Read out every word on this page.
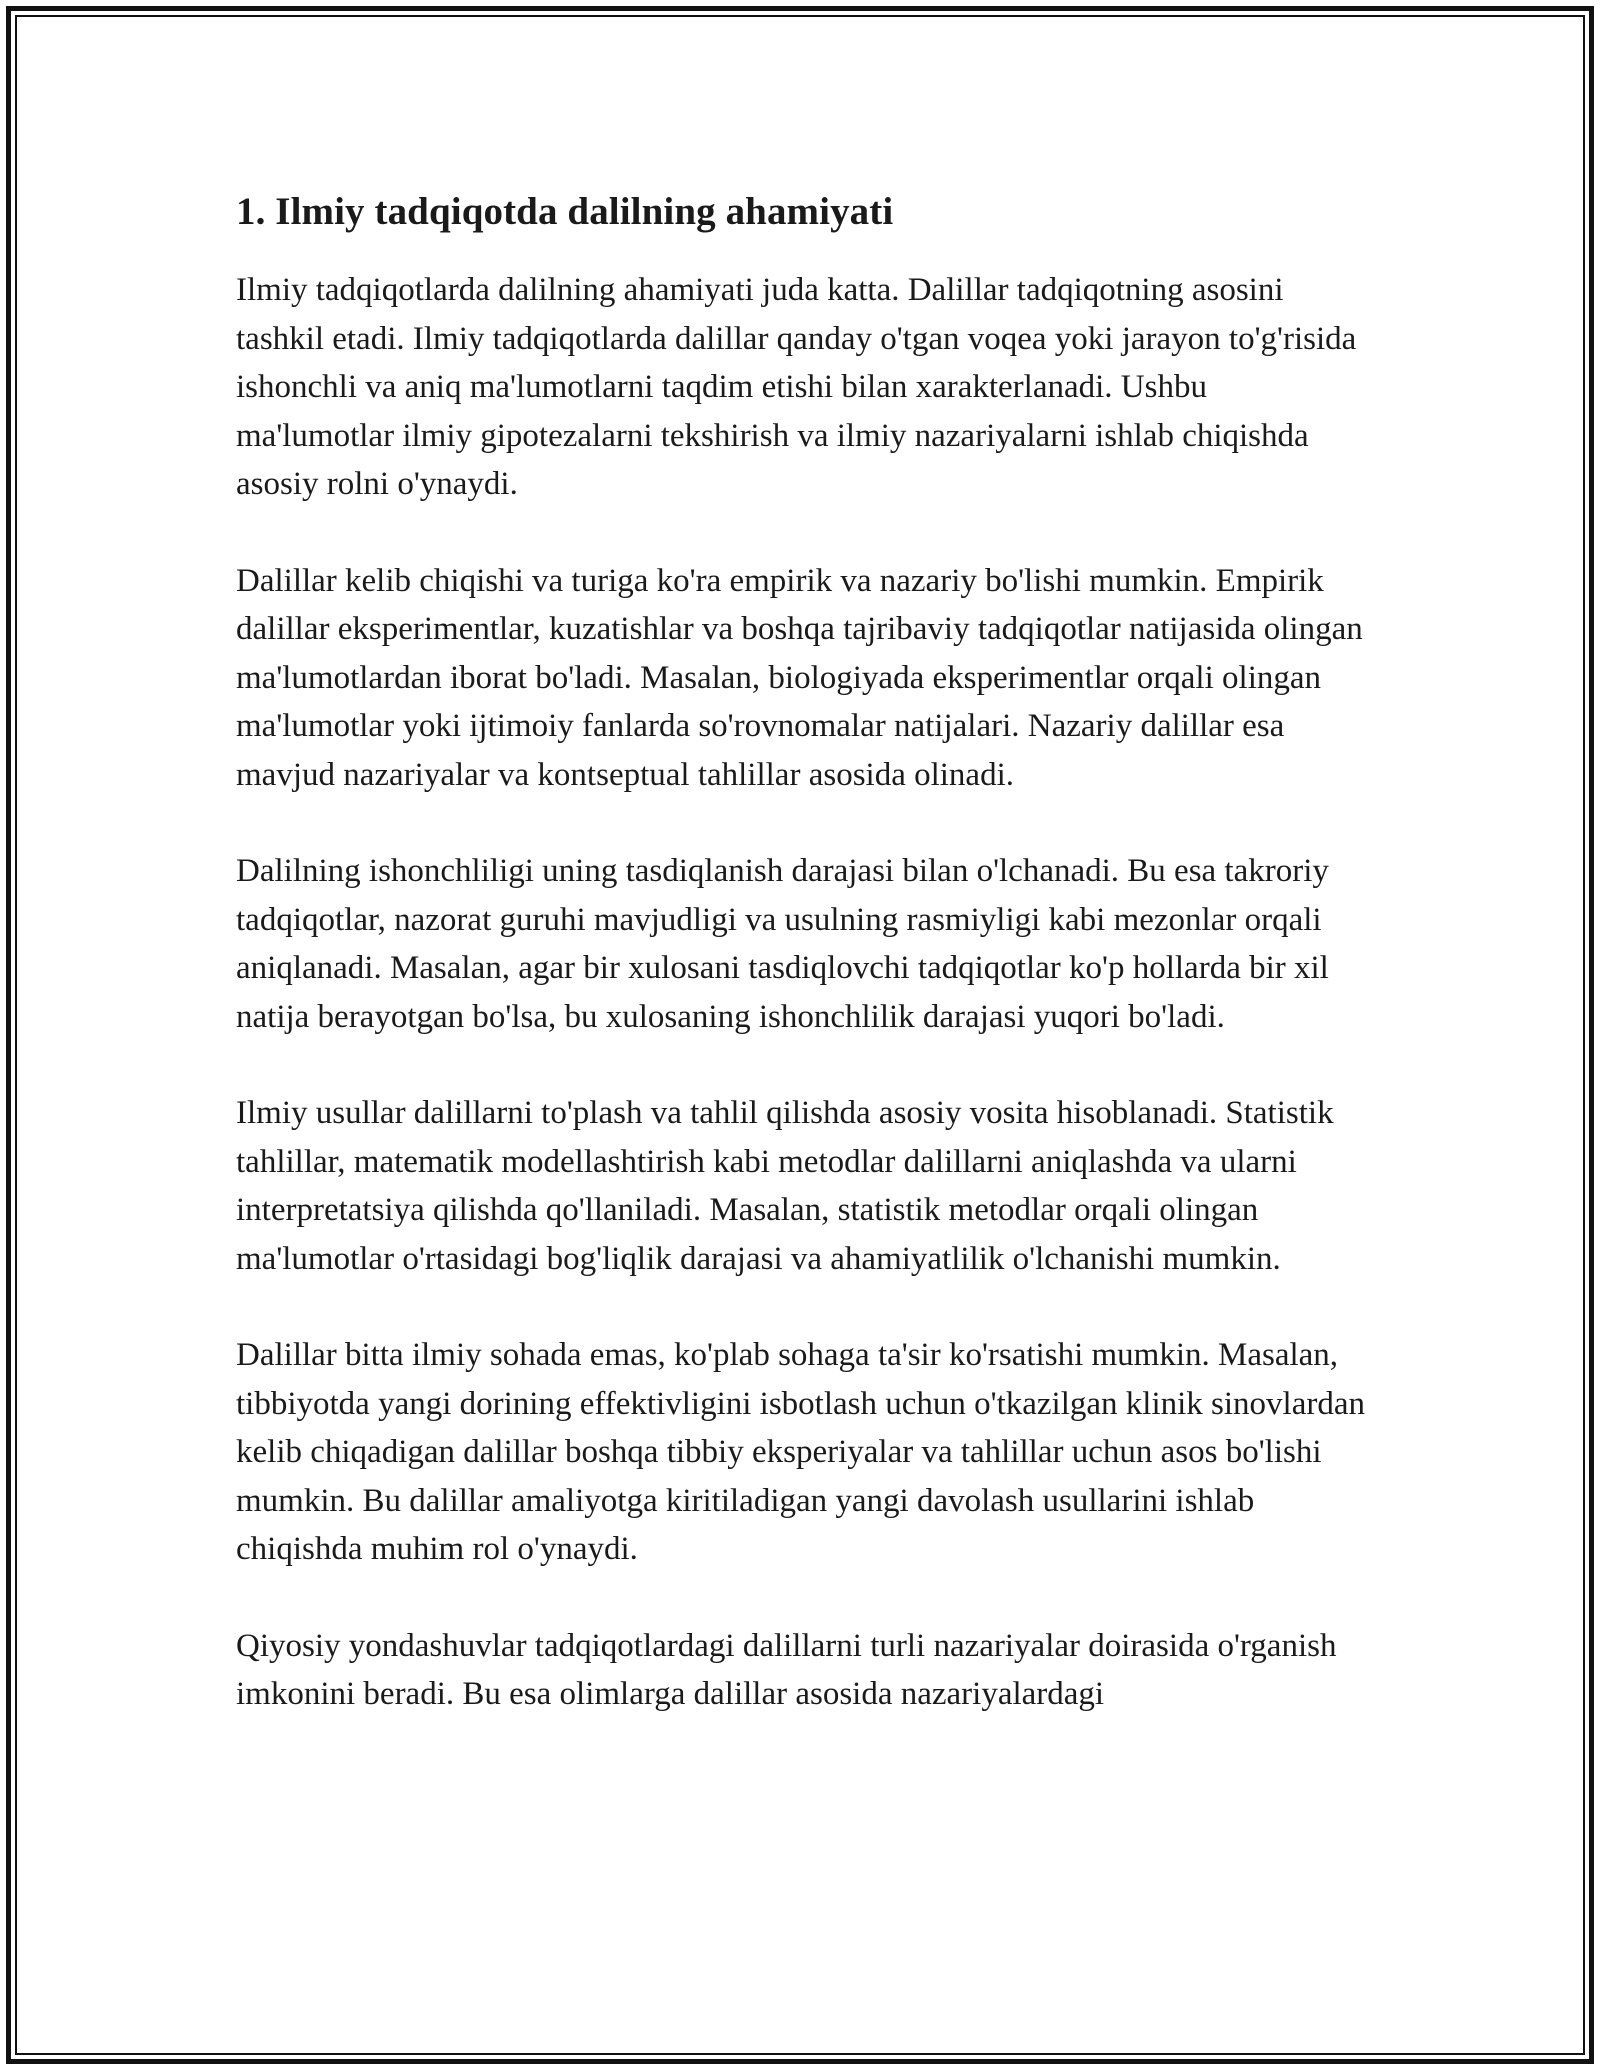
1. Ilmiy tadqiqotda dalilning ahamiyati

Ilmiy tadqiqotlarda dalilning ahamiyati juda katta. Dalillar tadqiqotning asosini tashkil etadi. Ilmiy tadqiqotlarda dalillar qanday o'tgan voqea yoki jarayon to'g'risida ishonchli va aniq ma'lumotlarni taqdim etishi bilan xarakterlanadi. Ushbu ma'lumotlar ilmiy gipotezalarni tekshirish va ilmiy nazariyalarni ishlab chiqishda asosiy rolni o'ynaydi.

Dalillar kelib chiqishi va turiga ko'ra empirik va nazariy bo'lishi mumkin. Empirik dalillar eksperimentlar, kuzatishlar va boshqa tajribaviy tadqiqotlar natijasida olingan ma'lumotlardan iborat bo'ladi. Masalan, biologiyada eksperimentlar orqali olingan ma'lumotlar yoki ijtimoiy fanlarda so'rovnomalar natijalari. Nazariy dalillar esa mavjud nazariyalar va kontseptual tahlillar asosida olinadi.

Dalilning ishonchliligi uning tasdiqlanish darajasi bilan o'lchanadi. Bu esa takroriy tadqiqotlar, nazorat guruhi mavjudligi va usulning rasmiyligi kabi mezonlar orqali aniqlanadi. Masalan, agar bir xulosani tasdiqlovchi tadqiqotlar ko'p hollarda bir xil natija berayotgan bo'lsa, bu xulosaning ishonchlilik darajasi yuqori bo'ladi.

Ilmiy usullar dalillarni to'plash va tahlil qilishda asosiy vosita hisoblanadi. Statistik tahlillar, matematik modellashtirish kabi metodlar dalillarni aniqlashda va ularni interpretatsiya qilishda qo'llaniladi. Masalan, statistik metodlar orqali olingan ma'lumotlar o'rtasidagi bog'liqlik darajasi va ahamiyatlilik o'lchanishi mumkin.

Dalillar bitta ilmiy sohada emas, ko'plab sohaga ta'sir ko'rsatishi mumkin. Masalan, tibbiyotda yangi dorining effektivligini isbotlash uchun o'tkazilgan klinik sinovlardan kelib chiqadigan dalillar boshqa tibbiy eksperiyalar va tahlillar uchun asos bo'lishi mumkin. Bu dalillar amaliyotga kiritiladigan yangi davolash usullarini ishlab chiqishda muhim rol o'ynaydi.

Qiyosiy yondashuvlar tadqiqotlardagi dalillarni turli nazariyalar doirasida o'rganish imkonini beradi. Bu esa olimlarga dalillar asosida nazariyalardagi
